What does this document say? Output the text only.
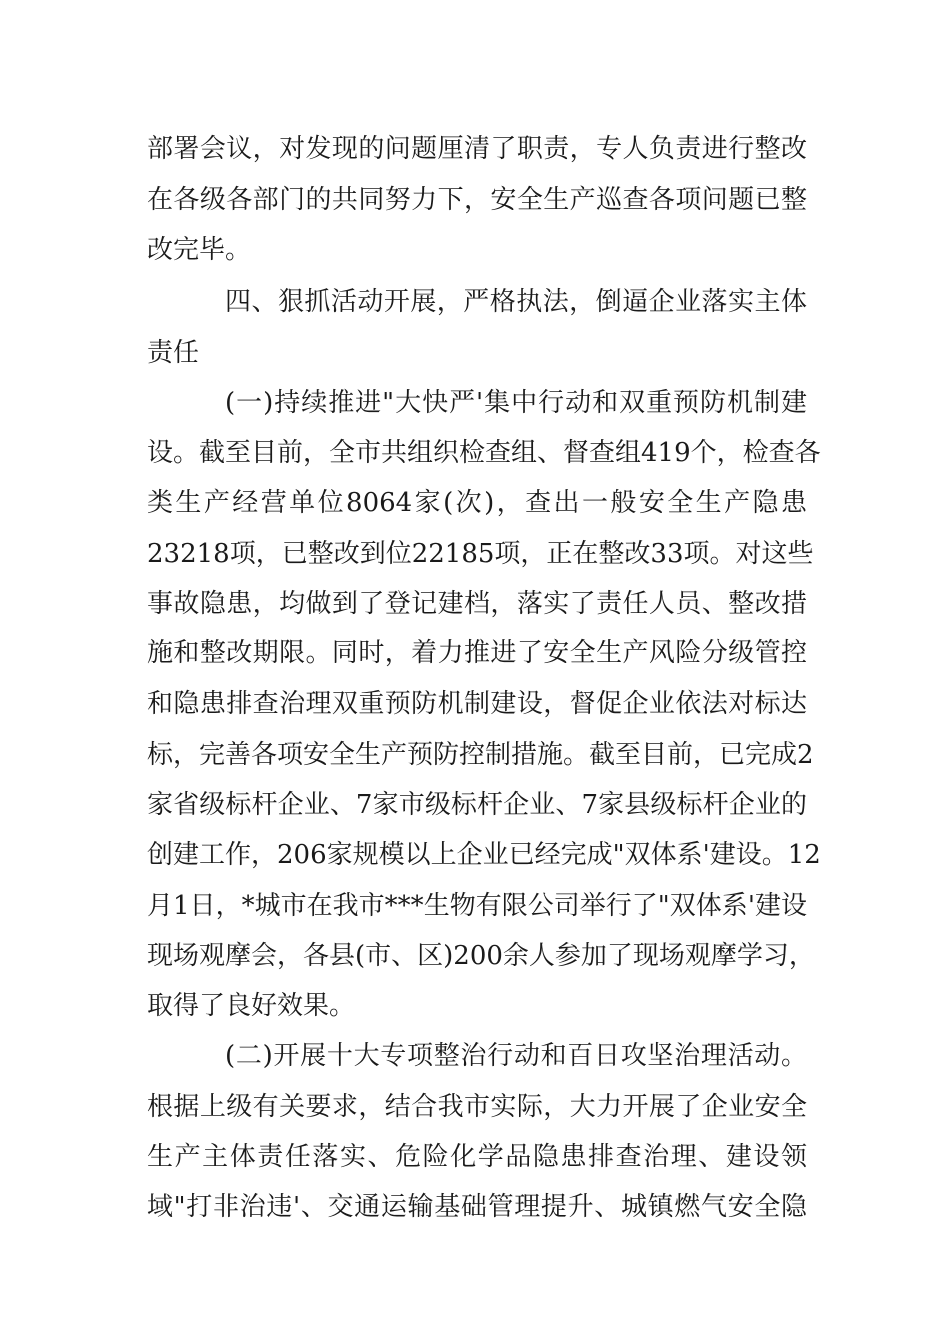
部署会议，对发现的问题厘清了职责，专人负责进行整改
在各级各部门的共同努力下，安全生产巡查各项问题已整
改完毕。
四、狠抓活动开展，严格执法，倒逼企业落实主体
责任
(一)持续推进"大快严'集中行动和双重预防机制建
设。截至目前，全市共组织检查组、督查组419个，检查各
类生产经营单位8064家(次)，查出一般安全生产隐患
23218项，已整改到位22185项，正在整改33项。对这些
事故隐患，均做到了登记建档，落实了责任人员、整改措
施和整改期限。同时，着力推进了安全生产风险分级管控
和隐患排查治理双重预防机制建设，督促企业依法对标达
标，完善各项安全生产预防控制措施。截至目前，已完成2
家省级标杆企业、7家市级标杆企业、7家县级标杆企业的
创建工作，206家规模以上企业已经完成"双体系'建设。12
月1日，*城市在我市***生物有限公司举行了"双体系'建设
现场观摩会，各县(市、区)200余人参加了现场观摩学习，
取得了良好效果。
(二)开展十大专项整治行动和百日攻坚治理活动。
根据上级有关要求，结合我市实际，大力开展了企业安全
生产主体责任落实、危险化学品隐患排查治理、建设领
域"打非治违'、交通运输基础管理提升、城镇燃气安全隐
